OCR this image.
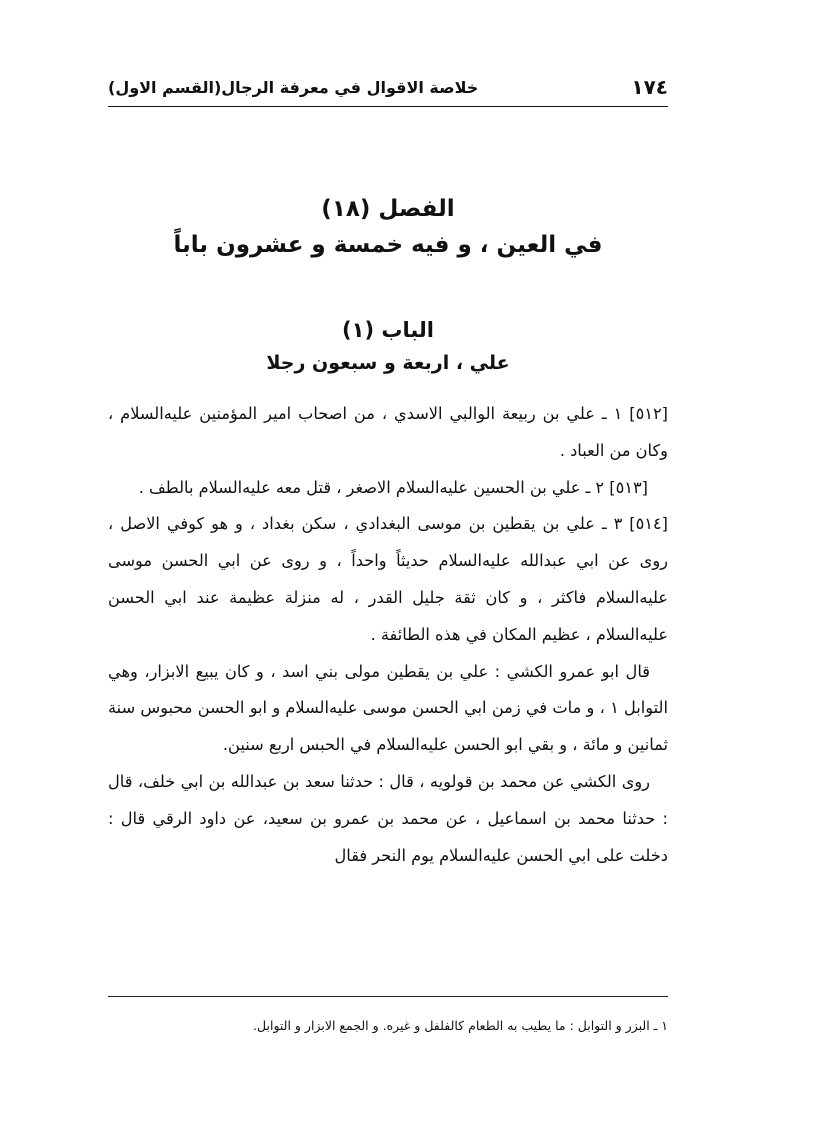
١٧٤
خلاصة الاقوال في معرفة الرجال(القسم الاول)
الفصل (١٨)
في العين ، و فيه خمسة و عشرون باباً
الباب (١)
علي ، اربعة و سبعون رجلا

[٥١٢] ١ ـ علي بن ربيعة الوالبي الاسدي ، من اصحاب امير المؤمنين عليه‌السلام ، وكان من العباد .

[٥١٣] ٢ ـ علي بن الحسين عليه‌السلام الاصغر ، قتل معه عليه‌السلام بالطف .

[٥١٤] ٣ ـ علي بن يقطين بن موسى البغدادي ، سكن بغداد ، و هو كوفي الاصل ، روى عن ابي عبدالله عليه‌السلام حديثاً واحداً ، و روى عن ابي الحسن موسى عليه‌السلام فاكثر ، و كان ثقة جليل القدر ، له منزلة عظيمة عند ابي الحسن عليه‌السلام ، عظيم المكان في هذه الطائفة .

قال ابو عمرو الكشي : علي بن يقطين مولى بني اسد ، و كان يبيع الابزار، وهي التوابل ١ ، و مات في زمن ابي الحسن موسى عليه‌السلام و ابو الحسن محبوس سنة ثمانين و مائة ، و بقي ابو الحسن عليه‌السلام في الحبس اربع سنين.

روى الكشي عن محمد بن قولويه ، قال : حدثنا سعد بن عبدالله بن ابي خلف، قال : حدثنا محمد بن اسماعيل ، عن محمد بن عمرو بن سعيد، عن داود الرقي قال : دخلت على ابي الحسن عليه‌السلام يوم النحر فقال

١ ـ البزر و التوابل : ما يطيب به الطعام كالفلفل و غيره. و الجمع الابزار و التوابل.
